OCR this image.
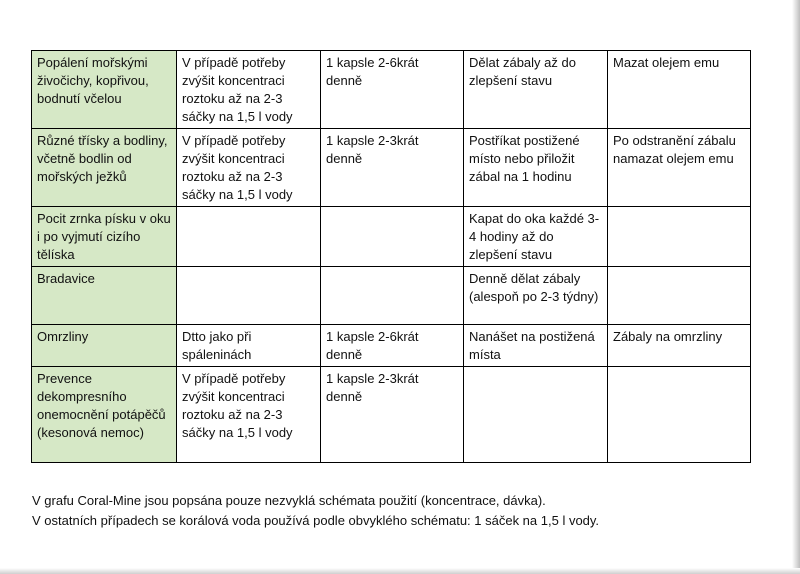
Popálení mořskými živočichy, kopřivou, bodnutí včelou	V případě potřeby zvýšit koncentraci roztoku až na 2-3 sáčky na 1,5 l vody	1 kapsle 2-6krát denně	Dělat zábaly až do zlepšení stavu	Mazat olejem emu
Různé třísky a bodliny, včetně bodlin od mořských ježků	V případě potřeby zvýšit koncentraci roztoku až na 2-3 sáčky na 1,5 l vody	1 kapsle 2-3krát denně	Postříkat postižené místo nebo přiložit zábal na 1 hodinu	Po odstranění zábalu namazat olejem emu
Pocit zrnka písku v oku i po vyjmutí cizího tělíska			Kapat do oka každé 3-4 hodiny až do zlepšení stavu	
Bradavice			Denně dělat zábaly (alespoň po 2-3 týdny)	
Omrzliny	Dtto jako při spáleninách	1 kapsle 2-6krát denně	Nanášet na postižená místa	Zábaly na omrzliny
Prevence dekompresního onemocnění potápěčů (kesonová nemoc)	V případě potřeby zvýšit koncentraci roztoku až na 2-3 sáčky na 1,5 l vody	1 kapsle 2-3krát denně		
V grafu Coral-Mine jsou popsána pouze nezvyklá schémata použití (koncentrace, dávka).
V ostatních případech se korálová voda používá podle obvyklého schématu: 1 sáček na 1,5 l vody.
